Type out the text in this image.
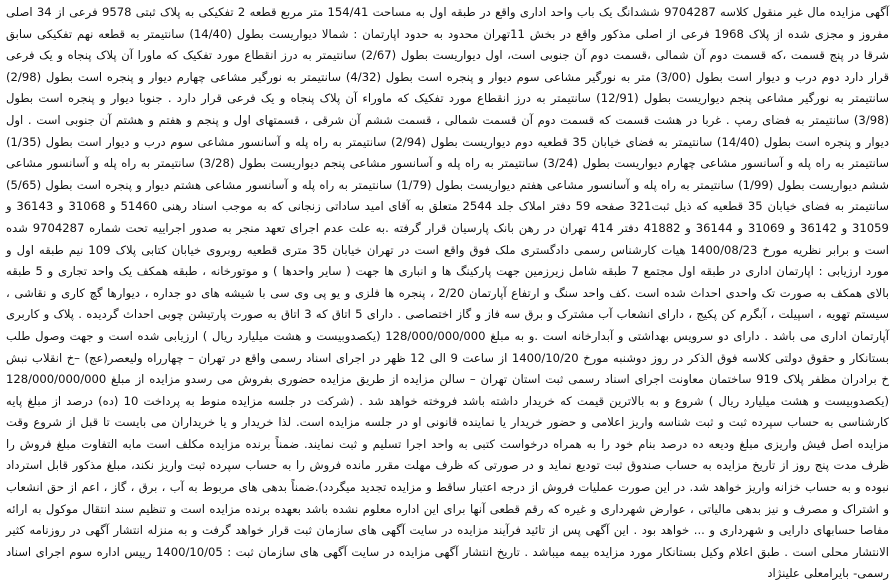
آگهی مزایده مال غیر منقول کلاسه 9704287 ششدانگ یک باب واحد اداری واقع در طبقه اول به مساحت 154/41 متر مربع قطعه 2 تفکیکی به پلاک ثبتی 9578 فرعی از 34 اصلی مفروز و مجزی شده از پلاک 1968 فرعی از اصلی مذکور واقع در بخش 11تهران محدود به حدود اپارتمان : شمالا دیواریست بطول (14/40) سانتیمتر به قطعه نهم تفکیکی سابق شرقا در پنج قسمت ،که قسمت دوم آن شمالی ،قسمت دوم آن جنوبی است، اول دیواریست بطول (2/67) سانتیمتر به درز انقطاع مورد تفکیک که ماورا آن پلاک پنجاه و یک فرعی قرار دارد دوم درب و دیوار است بطول (3/00) متر به نورگیر مشاعی سوم دیوار و پنجره است بطول (4/32) سانتیمتر به نورگیر مشاعی چهارم دیوار و پنجره است بطول (2/98) سانتیمتر به نورگیر مشاعی پنجم دیواریست بطول (12/91) سانتیمتر به درز انقطاع مورد تفکیک که ماوراء آن پلاک پنجاه و یک فرعی قرار دارد . جنوبا دیوار و پنجره است بطول (3/98) سانتیمتر به فضای رمپ . غربا در هشت قسمت که قسمت دوم آن قسمت شمالی ، قسمت ششم آن شرقی ، قسمتهای اول و پنجم و هفتم و هشتم آن جنوبی است . اول دیوار و پنجره است بطول (14/40) سانتیمتر به فضای خیابان 35 قطعیه دوم دیواریست بطول (2/94) سانتیمتر به راه پله و آسانسور مشاعی سوم درب و دیوار است بطول (1/35) سانتیمتر به راه پله و آسانسور مشاعی چهارم دیواریست بطول (3/24) سانتیمتر به راه پله و آسانسور مشاعی پنجم دیواریست بطول (3/28) سانتیمتر به راه پله و آسانسور مشاعی ششم دیواریست بطول (1/99) سانتیمتر به راه پله و آسانسور مشاعی هفتم دیواریست بطول (1/79) سانتیمتر به راه پله و آسانسور مشاعی هشتم دیوار و پنجره است بطول (5/65) سانتیمتر به فضای خیابان 35 قطعیه که ذیل ثبت321 صفحه 59 دفتر املاک جلد 2544 متعلق به آقای امید ساداتی زنجانی که به موجب اسناد رهنی 51460 و 31068 و 36143 و 31059 و 36142 و 31069 و 36144 و 41882 دفتر 414 تهران در رهن بانک پارسیان قرار گرفته .به علت عدم اجرای تعهد منجر به صدور اجراییه تحت شماره 9704287 شده است و برابر نظریه مورخ 1400/08/23 هیات کارشناس رسمی دادگستری ملک فوق واقع است در تهران خیابان 35 متری قطعیه روبروی خیابان کتابی پلاک 109 نیم طبقه اول و مورد ارزیابی : اپارتمان اداری در طبقه اول مجتمع 7 طبقه شامل زیرزمین جهت پارکینگ ها و انباری ها جهت ( سایر واحدها ) و موتورخانه ، طبقه همکف یک واحد تجاری و 5 طبقه بالای همکف به صورت تک واحدی احداث شده است .کف واحد سنگ و ارتفاع آپارتمان 2/20 ، پنجره ها فلزی و یو پی وی سی با شیشه های دو جداره ، دیوارها گچ کاری و نقاشی ، سیستم تهویه ، اسپیلت ، آبگرم کن پکیج ، دارای انشعاب آب مشترک و برق سه فاز و گاز اختصاصی . دارای 5 اتاق که 3 اتاق به صورت پارتیشن چوبی احداث گردیده . پلاک و کاربری آپارتمان اداری می باشد . دارای دو سرویس بهداشتی و آبدارخانه است .و به مبلغ 128/000/000/000 (یکصدوبیست و هشت میلیارد ریال ) ارزیابی شده است و جهت وصول طلب بستانکار و حقوق دولتی کلاسه فوق الذکر در روز دوشنبه مورخ 1400/10/20 از ساعت 9 الی 12 ظهر در اجرای اسناد رسمی واقع در تهران – چهارراه ولیعصر(عج) –خ انقلاب نبش خ برادران مظفر پلاک 919 ساختمان معاونت اجرای اسناد رسمی ثبت استان تهران – سالن مزایده از طریق مزایده حضوری بفروش می رسدو مزایده از مبلغ 128/000/000/000 (یکصدوبیست و هشت میلیارد ریال ) شروع و به بالاترین قیمت که خریدار داشته باشد فروخته خواهد شد . (شرکت در جلسه مزایده منوط به پرداخت 10 (ده) درصد از مبلغ پایه کارشناسی به حساب سپرده ثبت و ثبت شناسه واریز اعلامی و حضور خریدار یا نماینده قانونی او در جلسه مزایده است. لذا خریدار و یا خریداران می بایست تا قبل از شروع وقت مزایده اصل فیش واریزی مبلغ ودیعه ده درصد بنام خود را به همراه درخواست کتبی به واحد اجرا تسلیم و ثبت نمایند. ضمناً برنده مزایده مکلف است مابه التفاوت مبلغ فروش را ظرف مدت پنج روز از تاریخ مزایده به حساب صندوق ثبت تودیع نماید و در صورتی که ظرف مهلت مقرر مانده فروش را به حساب سپرده ثبت واریز نکند، مبلغ مذکور قابل استرداد نبوده و به حساب خزانه واریز خواهد شد. در این صورت عملیات فروش از درجه اعتبار ساقط و مزایده تجدید میگردد).ضمناً بدهی های مربوط به آب ، برق ، گاز ، اعم از حق انشعاب و اشتراک و مصرف و نیز بدهی مالیاتی ، عوارض شهرداری و غیره که رقم قطعی آنها برای این اداره معلوم نشده باشد بعهده برنده مزایده است و تنظیم سند انتقال موکول به ارائه مفاصا حسابهای دارایی و شهرداری و ... خواهد بود . این آگهی پس از تائید فرآیند مزایده در سایت آگهی های سازمان ثبت قرار خواهد گرفت و به منزله انتشار آگهی در روزنامه کثیر الانتشار محلی است . طبق اعلام وکیل بستانکار مورد مزایده بیمه میباشد . تاریخ انتشار آگهی مزایده در سایت آگهی های سازمان ثبت : 1400/10/05 رییس اداره سوم اجرای اسناد رسمی- بایرامعلی علینژاد
